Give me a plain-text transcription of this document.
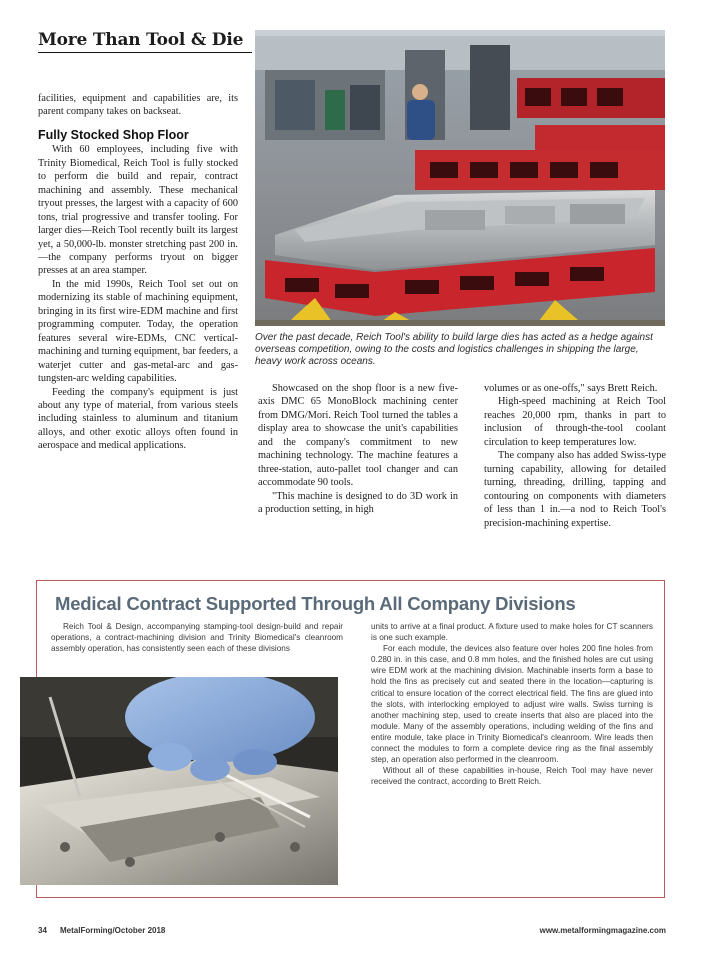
More Than Tool & Die
Over the past decade, Reich Tool's ability to build large dies has acted as a hedge against overseas competition, owing to the costs and logistics challenges in shipping the large, heavy work across oceans.

facilities, equipment and capabilities are, its parent company takes on backseat.

Fully Stocked Shop Floor

With 60 employees, including five with Trinity Biomedical, Reich Tool is fully stocked to perform die build and repair, contract machining and assembly. These mechanical tryout presses, the largest with a capacity of 600 tons, trial progressive and transfer tooling. For larger dies—Reich Tool recently built its largest yet, a 50,000-lb. monster stretching past 200 in.—the company performs tryout on bigger presses at an area stamper.

In the mid 1990s, Reich Tool set out on modernizing its stable of machining equipment, bringing in its first wire-EDM machine and first programming computer. Today, the operation features several wire-EDMs, CNC vertical-machining and turning equipment, bar feeders, a waterjet cutter and gas-metal-arc and gas-tungsten-arc welding capabilities.

Feeding the company's equipment is just about any type of material, from various steels including stainless to aluminum and titanium alloys, and other exotic alloys often found in aerospace and medical applications.

Showcased on the shop floor is a new five-axis DMC 65 MonoBlock machining center from DMG/Mori. Reich Tool turned the tables a display area to showcase the unit's capabilities and the company's commitment to new machining technology. The machine features a three-station, auto-pallet tool changer and can accommodate 90 tools.

"This machine is designed to do 3D work in a production setting, in high

volumes or as one-offs," says Brett Reich.

High-speed machining at Reich Tool reaches 20,000 rpm, thanks in part to inclusion of through-the-tool coolant circulation to keep temperatures low.

The company also has added Swiss-type turning capability, allowing for detailed turning, threading, drilling, tapping and contouring on components with diameters of less than 1 in.—a nod to Reich Tool's precision-machining expertise.

Medical Contract Supported Through All Company Divisions

Reich Tool & Design, accompanying stamping-tool design-build and repair operations, a contract-machining division and Trinity Biomedical's cleanroom assembly operation, has consistently seen each of these divisions

units to arrive at a final product. A fixture used to make holes for CT scanners is one such example.

For each module, the devices also feature over holes 200 fine holes from 0.280 in. in this case, and 0.8 mm holes, and the finished holes are cut using wire EDM work at the machining division. Machinable inserts form a base to hold the fins as precisely cut and seated there in the location—capturing is critical to ensure location of the correct electrical field. The fins are glued into the slots, with interlocking employed to adjust wire walls. Swiss turning is another machining step, used to create inserts that also are placed into the module. Many of the assembly operations, including welding of the fins and entire module, take place in Trinity Biomedical's cleanroom. Wire leads then connect the modules to form a complete device ring as the final assembly step, an operation also performed in the cleanroom.

Without all of these capabilities in-house, Reich Tool may have never received the contract, according to Brett Reich.

34 MetalForming/October 2018	www.metalformingmagazine.com
